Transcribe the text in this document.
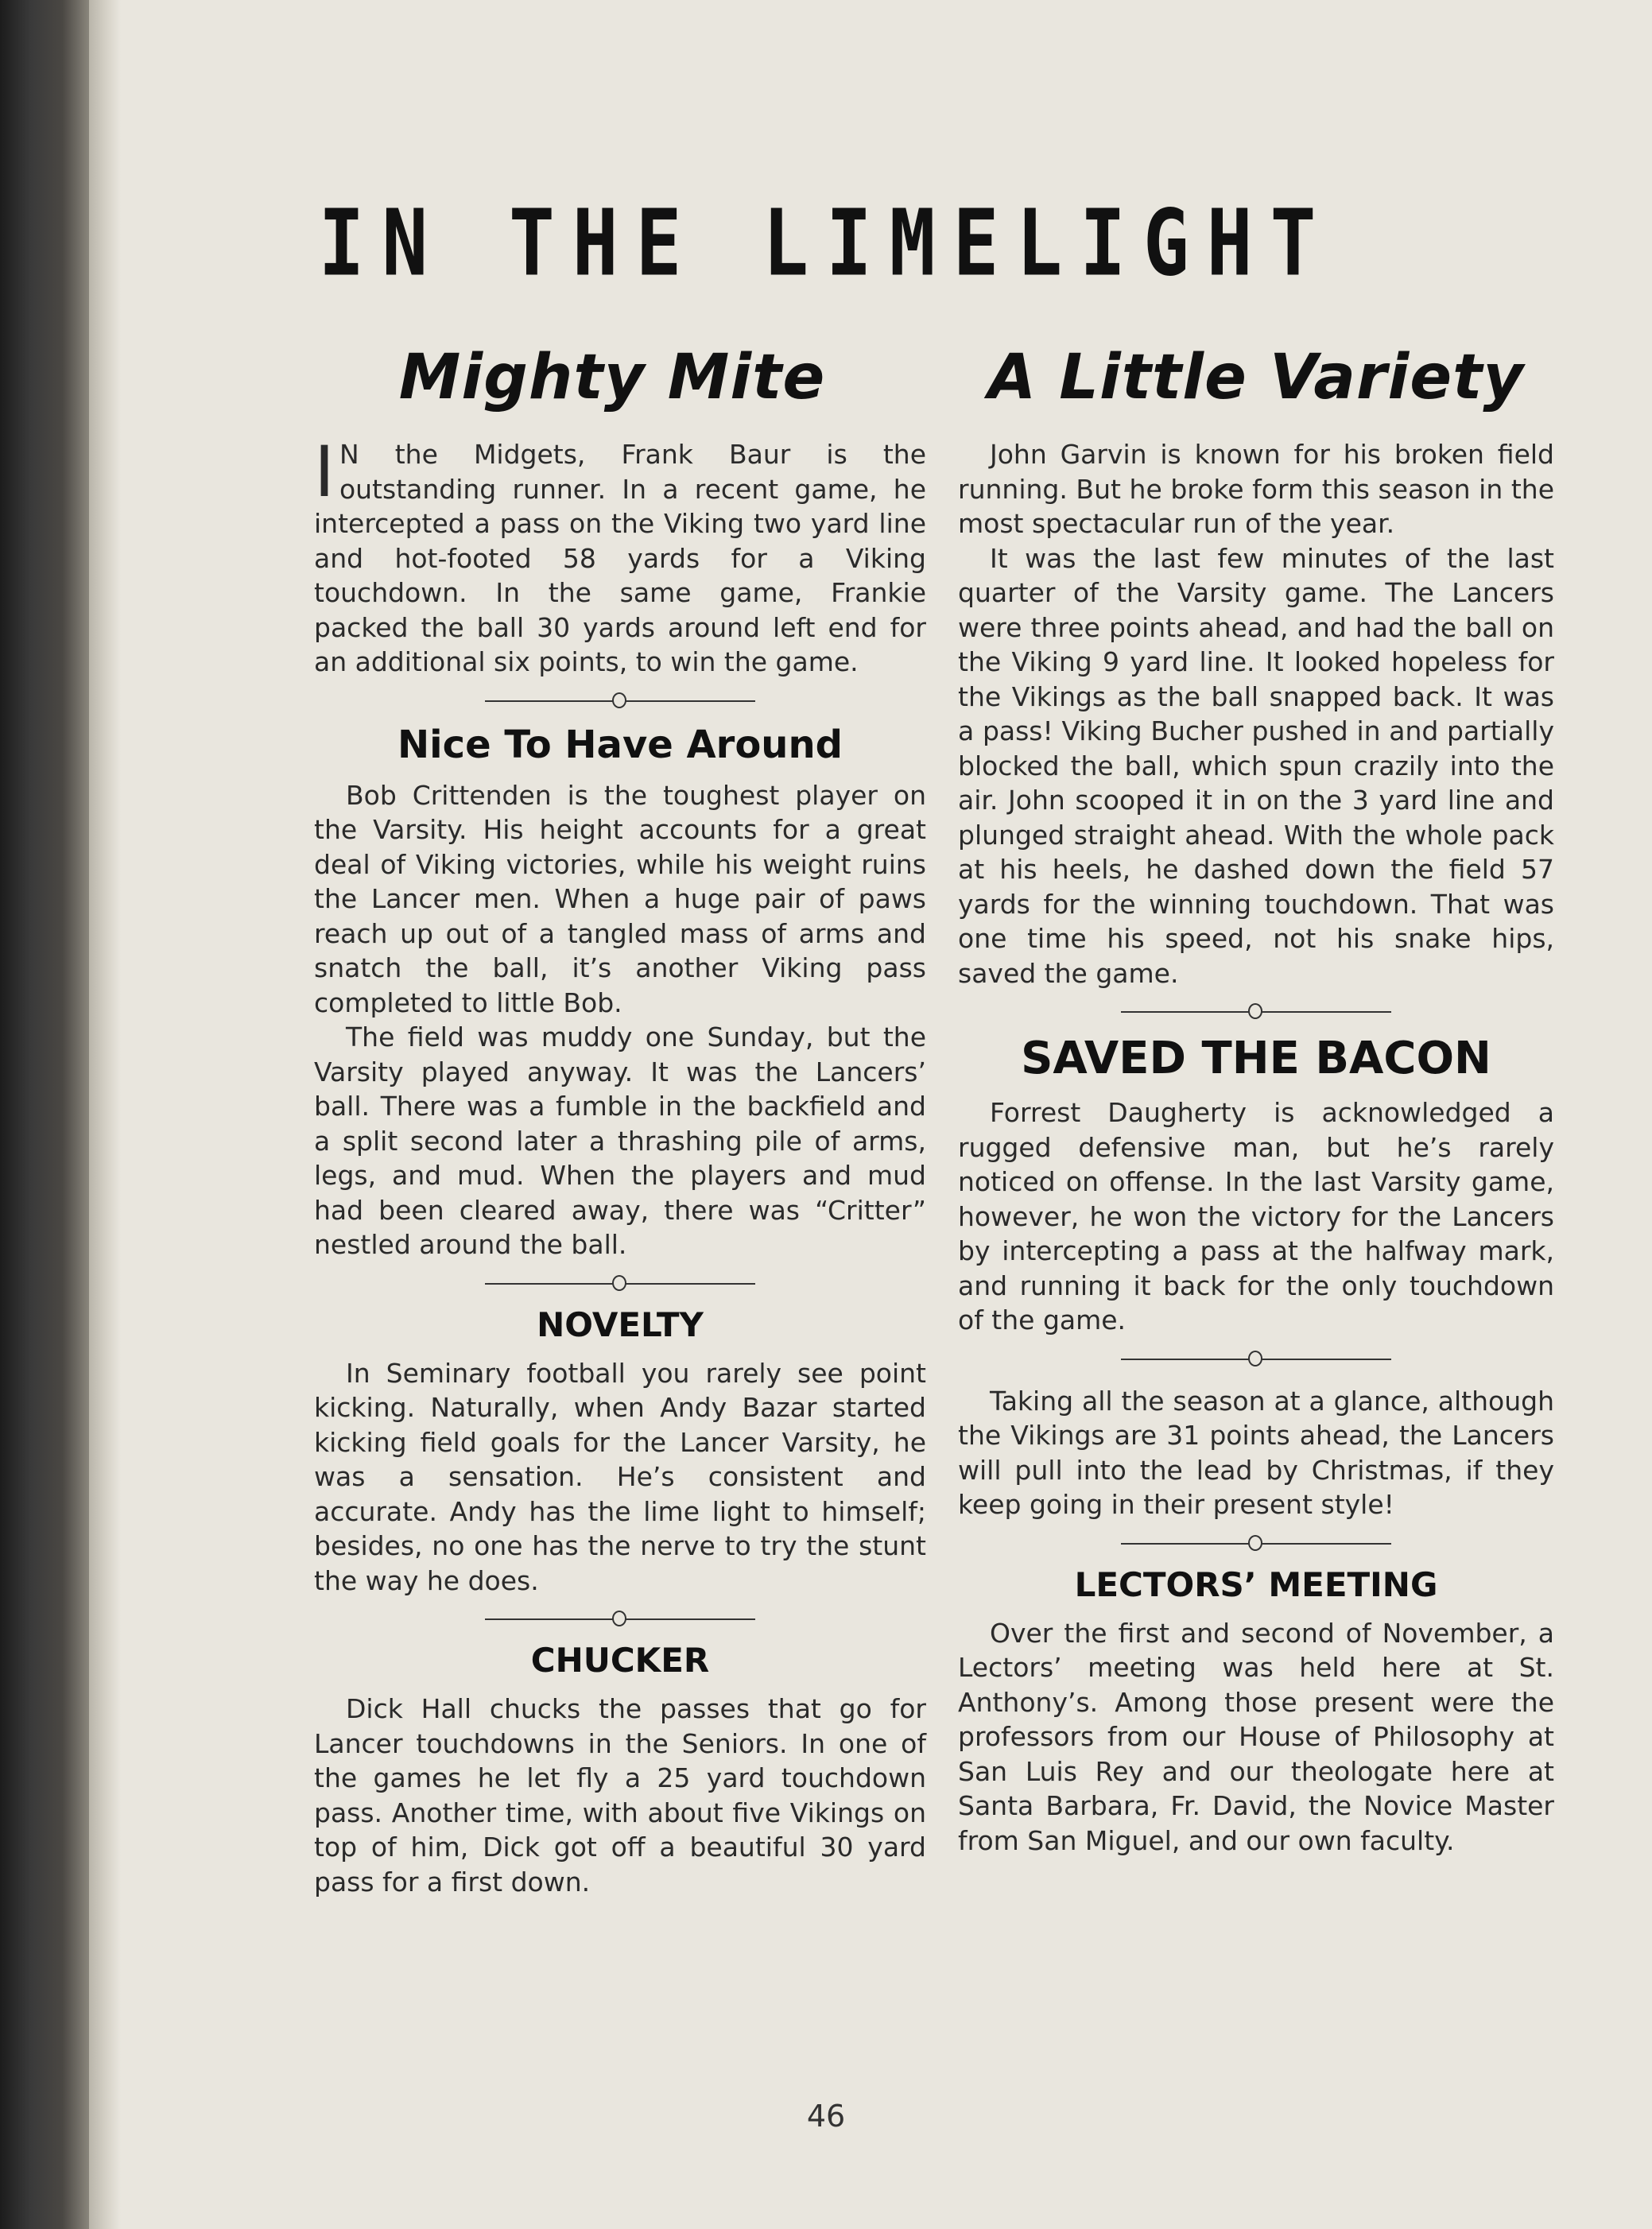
IN THE LIMELIGHT
Mighty Mite

IN the Midgets, Frank Baur is the outstanding runner. In a recent game, he intercepted a pass on the Viking two yard line and hot-footed 58 yards for a Viking touchdown. In the same game, Frankie packed the ball 30 yards around left end for an additional six points, to win the game.

Nice To Have Around

Bob Crittenden is the toughest player on the Varsity. His height accounts for a great deal of Viking victories, while his weight ruins the Lancer men. When a huge pair of paws reach up out of a tangled mass of arms and snatch the ball, it’s another Viking pass completed to little Bob.

The field was muddy one Sunday, but the Varsity played anyway. It was the Lancers’ ball. There was a fumble in the backfield and a split second later a thrashing pile of arms, legs, and mud. When the players and mud had been cleared away, there was “Critter” nestled around the ball.

NOVELTY

In Seminary football you rarely see point kicking. Naturally, when Andy Bazar started kicking field goals for the Lancer Varsity, he was a sensation. He’s consistent and accurate. Andy has the lime light to himself; besides, no one has the nerve to try the stunt the way he does.

CHUCKER

Dick Hall chucks the passes that go for Lancer touchdowns in the Seniors. In one of the games he let fly a 25 yard touchdown pass. Another time, with about five Vikings on top of him, Dick got off a beautiful 30 yard pass for a first down.

A Little Variety

John Garvin is known for his broken field running. But he broke form this season in the most spectacular run of the year.

It was the last few minutes of the last quarter of the Varsity game. The Lancers were three points ahead, and had the ball on the Viking 9 yard line. It looked hopeless for the Vikings as the ball snapped back. It was a pass! Viking Bucher pushed in and partially blocked the ball, which spun crazily into the air. John scooped it in on the 3 yard line and plunged straight ahead. With the whole pack at his heels, he dashed down the field 57 yards for the winning touchdown. That was one time his speed, not his snake hips, saved the game.

SAVED THE BACON

Forrest Daugherty is acknowledged a rugged defensive man, but he’s rarely noticed on offense. In the last Varsity game, however, he won the victory for the Lancers by intercepting a pass at the halfway mark, and running it back for the only touchdown of the game.

Taking all the season at a glance, although the Vikings are 31 points ahead, the Lancers will pull into the lead by Christmas, if they keep going in their present style!

LECTORS’ MEETING

Over the first and second of November, a Lectors’ meeting was held here at St. Anthony’s. Among those present were the professors from our House of Philosophy at San Luis Rey and our theologate here at Santa Barbara, Fr. David, the Novice Master from San Miguel, and our own faculty.

46
